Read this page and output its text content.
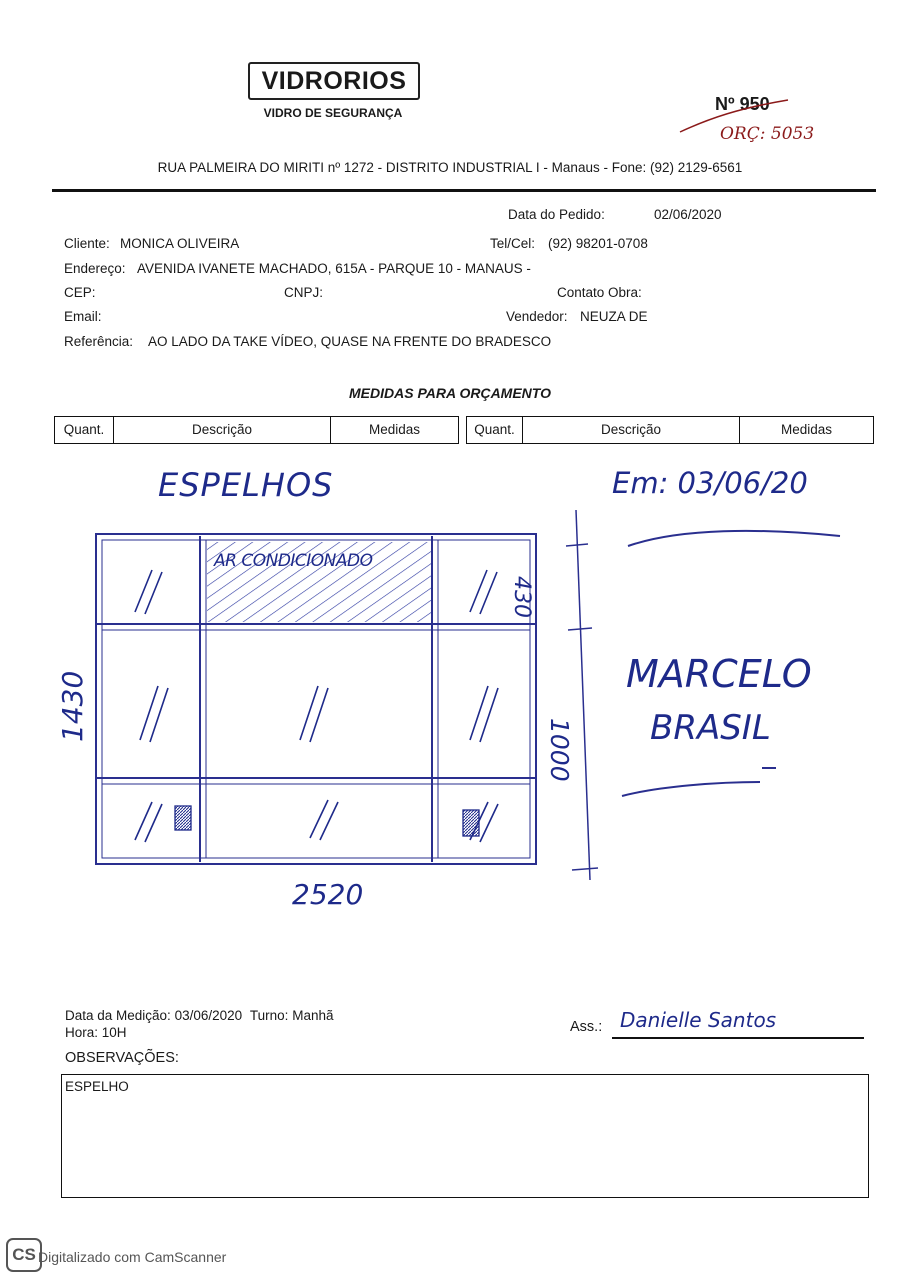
VIDRORIOS
VIDRO DE SEGURANÇA	Nº 950
ORÇ: 5053
RUA PALMEIRA DO MIRITI nº 1272 - DISTRITO INDUSTRIAL I - Manaus - Fone: (92) 2129-6561
Data do Pedido:	02/06/2020
Cliente: MONICA OLIVEIRA	Tel/Cel: (92) 98201-0708
Endereço: AVENIDA IVANETE MACHADO, 615A - PARQUE 10 - MANAUS -
CEP:	CNPJ:	Contato Obra:
Email:	Vendedor: NEUZA DE
Referência: AO LADO DA TAKE VÍDEO, QUASE NA FRENTE DO BRADESCO
MEDIDAS PARA ORÇAMENTO
Quant.	Descrição	Medidas	Quant.	Descrição	Medidas
ESPELHOS	Em: 03/06/20
AR CONDICIONADO
430
1430
1000
2520
MARCELO
BRASIL
Data da Medição: 03/06/2020 Turno: Manhã
Hora: 10H	Ass.: Danielle Santos
OBSERVAÇÕES:
ESPELHO
CS Digitalizado com CamScanner
